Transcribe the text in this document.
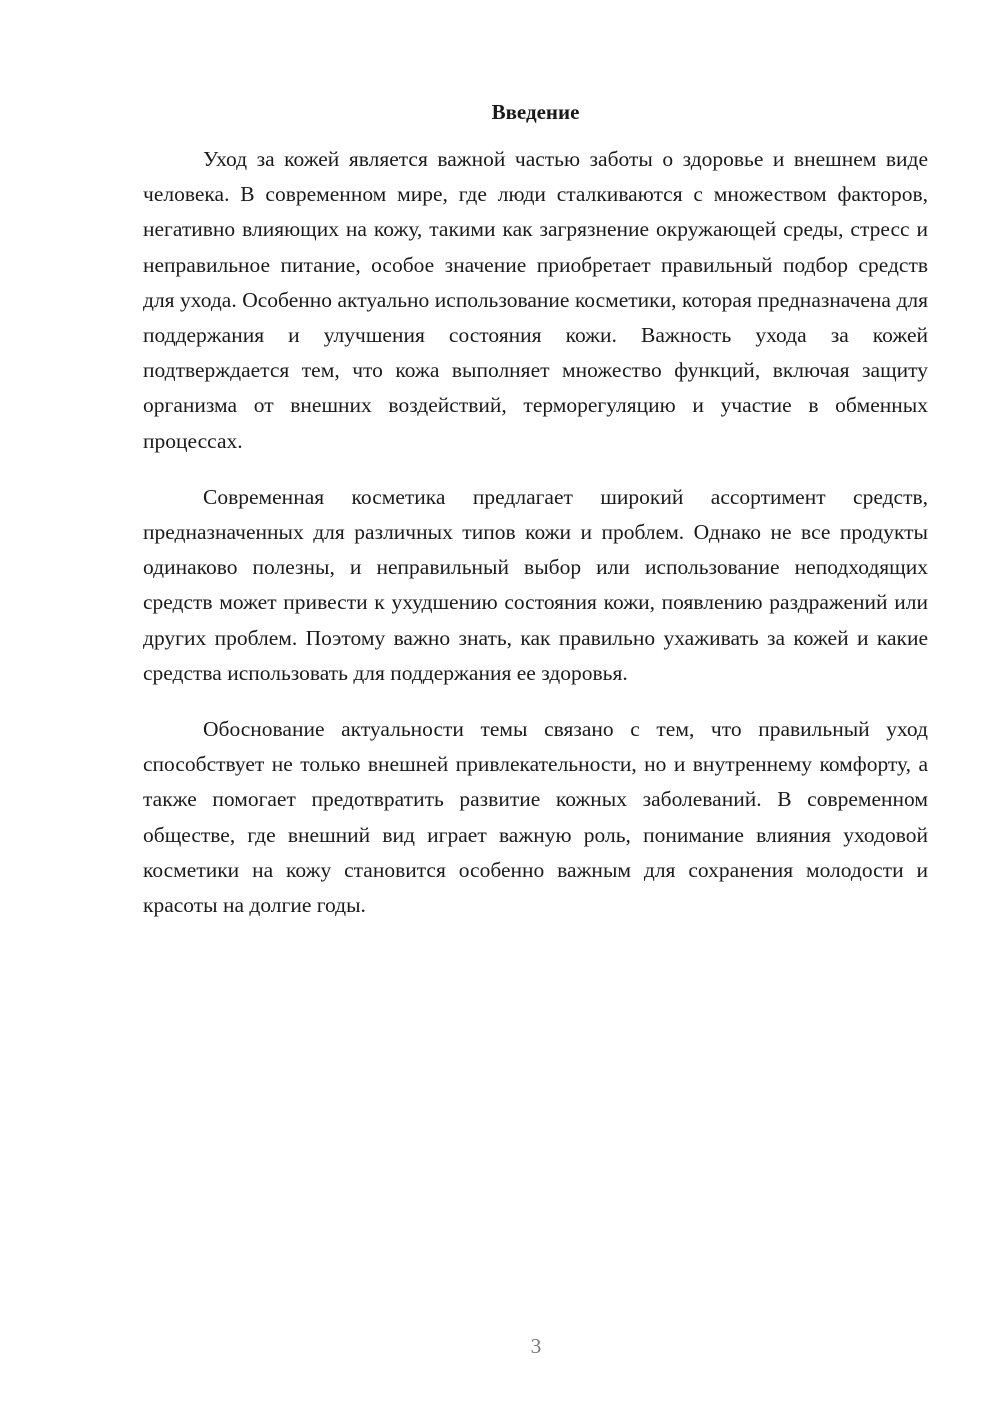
Введение

Уход за кожей является важной частью заботы о здоровье и внешнем виде человека. В современном мире, где люди сталкиваются с множеством факторов, негативно влияющих на кожу, такими как загрязнение окружающей среды, стресс и неправильное питание, особое значение приобретает правильный подбор средств для ухода. Особенно актуально использование косметики, которая предназначена для поддержания и улучшения состояния кожи. Важность ухода за кожей подтверждается тем, что кожа выполняет множество функций, включая защиту организма от внешних воздействий, терморегуляцию и участие в обменных процессах.

Современная косметика предлагает широкий ассортимент средств, предназначенных для различных типов кожи и проблем. Однако не все продукты одинаково полезны, и неправильный выбор или использование неподходящих средств может привести к ухудшению состояния кожи, появлению раздражений или других проблем. Поэтому важно знать, как правильно ухаживать за кожей и какие средства использовать для поддержания ее здоровья.

Обоснование актуальности темы связано с тем, что правильный уход способствует не только внешней привлекательности, но и внутреннему комфорту, а также помогает предотвратить развитие кожных заболеваний. В современном обществе, где внешний вид играет важную роль, понимание влияния уходовой косметики на кожу становится особенно важным для сохранения молодости и красоты на долгие годы.

3
